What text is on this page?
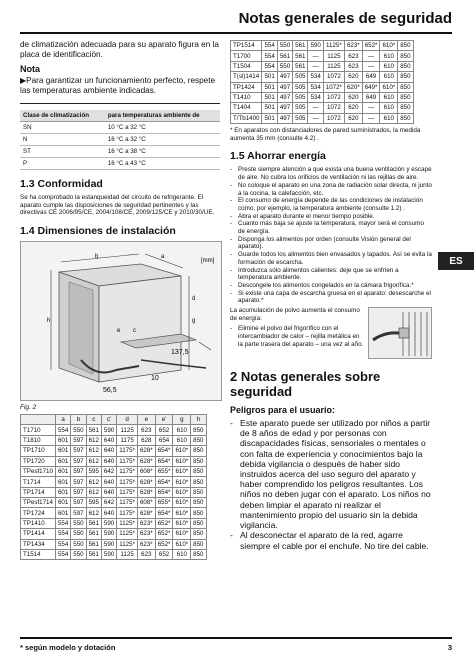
Notas generales de seguridad

de climatización adecuada para su aparato figura en la placa de identificación.

Nota

▶Para garantizar un funcionamiento perfecto, respete las temperaturas ambiente indicadas.

Clase de climatización	para temperaturas ambiente de
SN	10 °C a 32 °C
N	16 °C a 32 °C
ST	16 °C a 38 °C
P	16 °C a 43 °C
1.3 Conformidad

Se ha comprobado la estanqueidad del circuito de refrigerante. El aparato cumple las disposiciones de seguridad pertinentes y las directivas CE 2006/95/CE, 2004/108/CE, 2009/125/CE y 2010/30/UE.

1.4 Dimensiones de instalación
h
b	a
g
d
e c
[mm]
137,5
56,5
10
Fig. 2
	a	b	c	c'	d	e	e'	g	h
T1710	554	550	561	590	1125	623	652	610	850
T1810	601	597	612	640	1175	628	654	610	850
TP1710	601	597	612	640	1175*	628*	654*	610*	850
TP1720	601	597	612	640	1175*	628*	654*	610*	850
TPesf1710	601	597	595	642	1175*	608*	655*	610*	850
T1714	601	597	612	640	1175*	628*	654*	610*	850
TP1714	601	597	612	640	1175*	628*	654*	610*	850
TPesf1714	601	597	595	642	1175*	608*	655*	610*	850
TP1724	601	597	612	640	1175*	628*	654*	610*	850
TP1410	554	550	561	590	1125*	623*	652*	610*	850
TP1414	554	550	561	590	1125*	623*	652*	610*	850
TP1434	554	550	561	590	1125*	623*	652*	610*	850
T1514	554	550	561	590	1125	623	652	610	850
TP1514	554	550	561	590	1125*	623*	652*	610*	850
T1700	554	561	561	—	1125	623	—	610	850
T1504	554	550	561	—	1125	623	—	610	850
T(sl)1414	501	497	505	534	1072	620	649	610	850
TP1424	501	497	505	534	1072*	620*	649*	610*	850
T1410	501	497	505	534	1072	620	649	610	850
T1404	501	497	505	—	1072	620	—	610	850
T/Tb1400	501	497	505	—	1072	620	—	610	850

* En aparatos con distanciadores de pared suministrados, la medida aumenta 35 mm (consulte 4.2) .

1.5 Ahorrar energía
- Preste siempre atención a que exista una buena ventilación y escape de aire. No cubra los orificios de ventilación ni las rejillas de aire.
- No coloque el aparato en una zona de radiación solar directa, ni junto a la cocina, la calefacción, etc.
- El consumo de energía depende de las condiciones de instalación como, por ejemplo, la temperatura ambiente (consulte 1.2) .
- Abra el aparato durante el menor tiempo posible.
- Cuanto más baja se ajuste la temperatura, mayor será el consumo de energía.
- Disponga los alimentos por orden (consulte Visión general del aparato).
- Guarde todos los alimentos bien envasados y tapados. Así se evita la formación de escarcha.
- Introduzca sólo alimentos calientes: deje que se enfríen a temperatura ambiente.
- Descongele los alimentos congelados en la cámara frigorífica.*
- Si existe una capa de escarcha gruesa en el aparato: desescarche el aparato.*

La acumulación de polvo aumenta el consumo de energía:

- Elimine el polvo del frigorífico con el intercambiador de calor – rejilla metálica en la parte trasera del aparato – una vez al año.
2 Notas generales sobre seguridad
Peligros para el usuario:
- Este aparato puede ser utilizado por niños a partir de 8 años de edad y por personas con discapacidades físicas, sensoriales o mentales o con falta de experiencia y conocimientos bajo la debida vigilancia o después de haber sido instruidos acerca del uso seguro del aparato y haber comprendido los peligros resultantes. Los niños no deben jugar con el aparato. Los niños no deben limpiar el aparato ni realizar el mantenimiento propio del usuario sin la debida vigilancia.
- Al desconectar el aparato de la red, agarre siempre el cable por el enchufe. No tire del cable.
ES
* según modelo y dotación	3
